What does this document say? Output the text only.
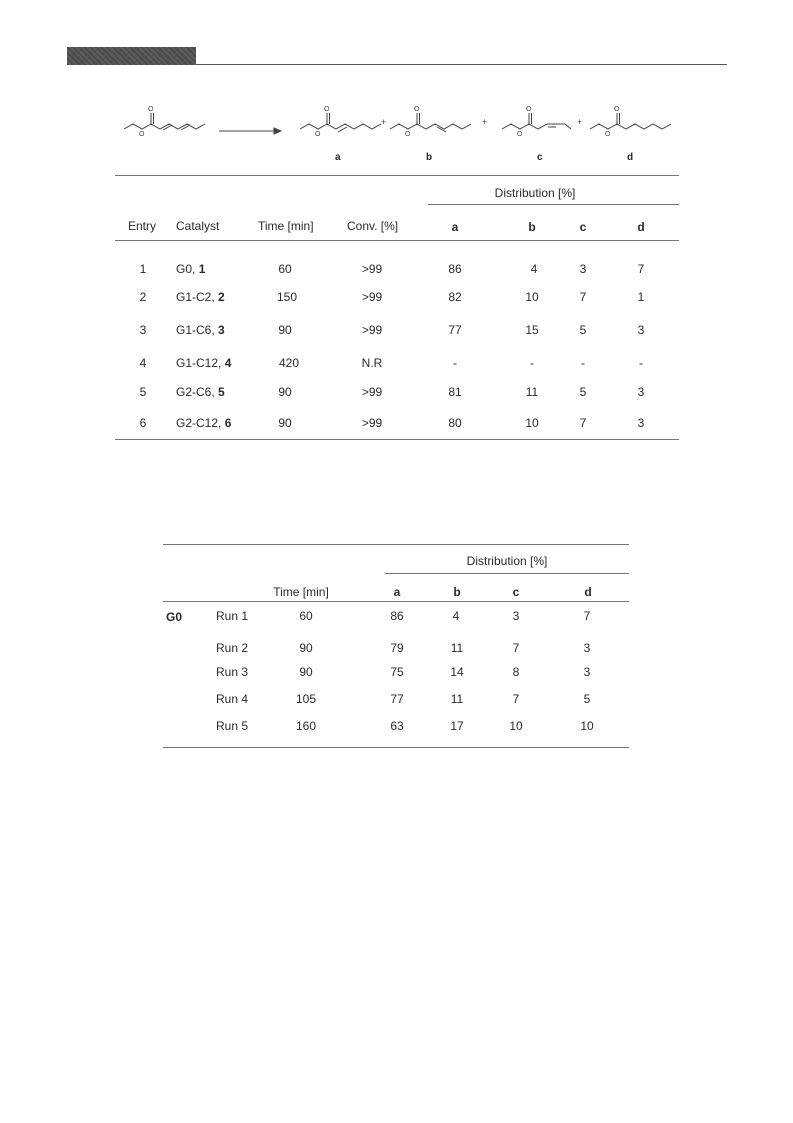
O
O
O
O
+
O
O
+
O
O
+
O
O
a	b	c	d
Distribution [%]
Entry Catalyst	Time [min]	Conv. [%]	a	b	c	d
1 G0, 1	60	>99	86	4	3	7
2 G1-C2, 2	150	>99	82	10	7	1
3 G1-C6, 3	90	>99	77	15	5	3
4 G1-C12, 4	420	N.R	-	-	-	-
5 G2-C6, 5	90	>99	81	11	5	3
6 G2-C12, 6	90	>99	80	10	7	3
Distribution [%]
Time [min]	a	b	c	d
G0	Run 1	60	86	4	3	7
Run 2	90	79	11	7	3
Run 3	90	75	14	8	3
Run 4	105	77	11	7	5
Run 5	160	63	17	10	10
